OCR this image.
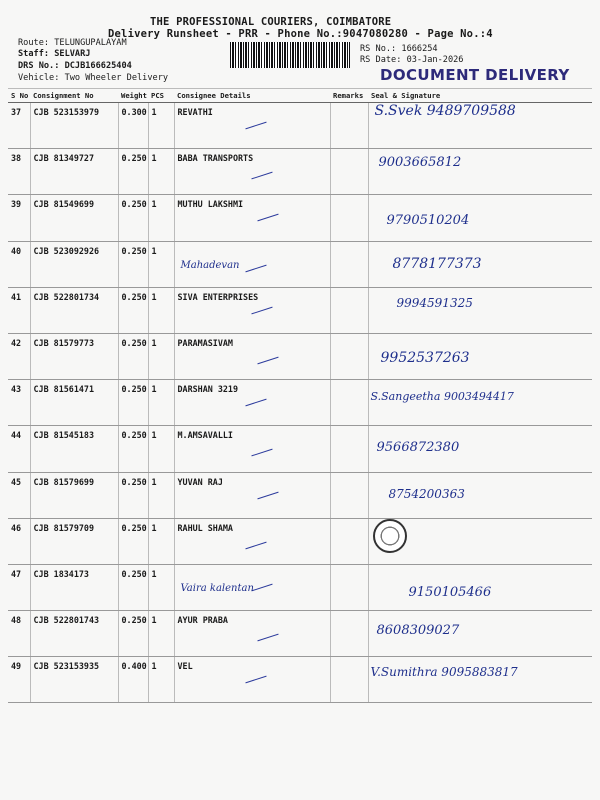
THE PROFESSIONAL COURIERS, COIMBATORE
Delivery Runsheet - PRR - Phone No.:9047080280 - Page No.:4
Route: TELUNGUPALAYAM
Staff: SELVARJ
DRS No.: DCJB166625404
Vehicle: Two Wheeler Delivery
RS No.: 1666254
RS Date: 03-Jan-2026
DOCUMENT DELIVERY
S No	Consignment No	Weight	PCS	Consignee Details	Remarks	Seal & Signature
37	CJB 523153979	0.300	1	REVATHI		S.Svek 9489709588

38	CJB 81349727	0.250	1	BABA TRANSPORTS		9003665812

39	CJB 81549699	0.250	1	MUTHU LAKSHMI		9790510204

40	CJB 523092926	0.250	1	Mahadevan		8778177373

41	CJB 522801734	0.250	1	SIVA ENTERPRISES		9994591325

42	CJB 81579773	0.250	1	PARAMASIVAM		9952537263

43	CJB 81561471	0.250	1	DARSHAN 3219		S.Sangeetha 9003494417

44	CJB 81545183	0.250	1	M.AMSAVALLI		9566872380

45	CJB 81579699	0.250	1	YUVAN RAJ		8754200363

46	CJB 81579709	0.250	1	RAHUL SHAMA

47	CJB 1834173	0.250	1	Vaira kalentan		9150105466

48	CJB 522801743	0.250	1	AYUR PRABA		8608309027

49	CJB 523153935	0.400	1	VEL		V.Sumithra 9095883817
